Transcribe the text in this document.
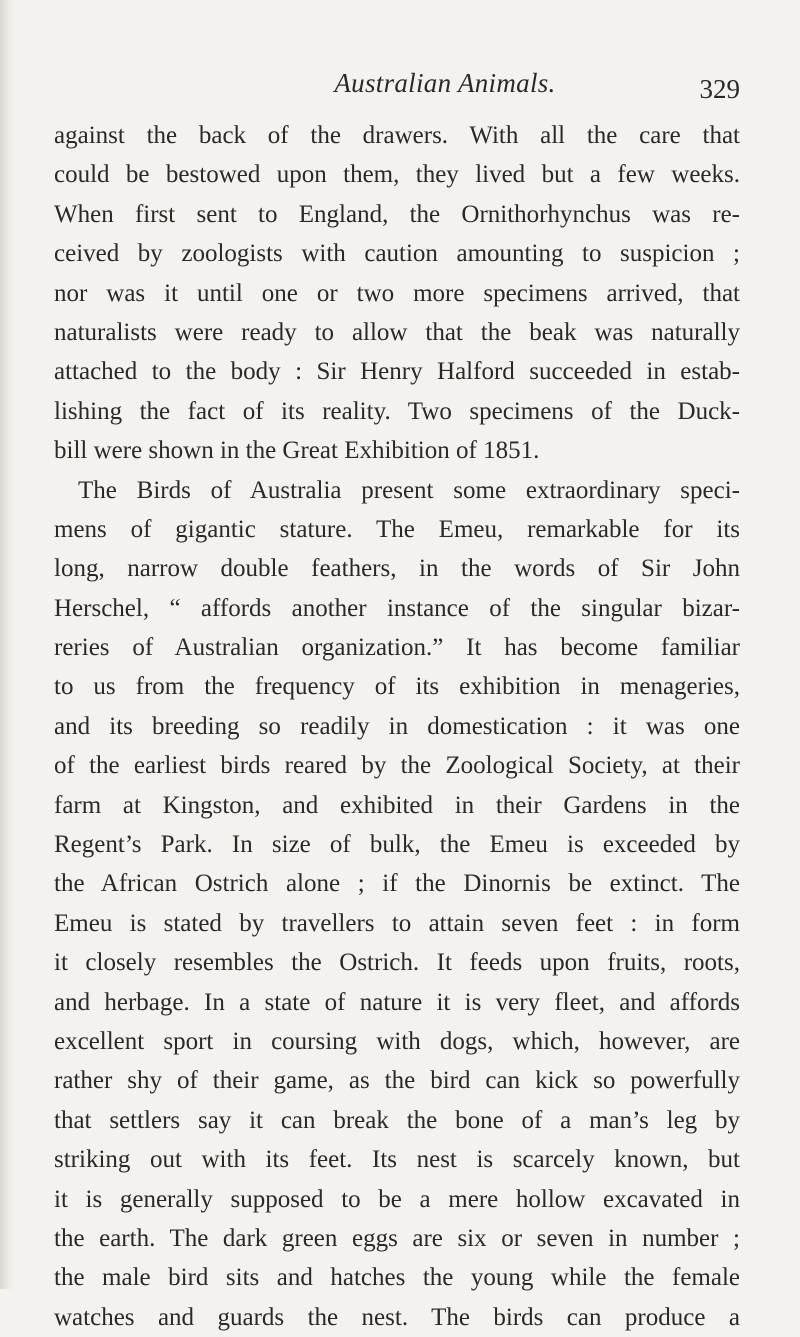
Australian Animals.	329
against the back of the drawers. With all the care that
could be bestowed upon them, they lived but a few weeks.
When first sent to England, the Ornithorhynchus was re-
ceived by zoologists with caution amounting to suspicion ;
nor was it until one or two more specimens arrived, that
naturalists were ready to allow that the beak was naturally
attached to the body : Sir Henry Halford succeeded in estab-
lishing the fact of its reality. Two specimens of the Duck-
bill were shown in the Great Exhibition of 1851.
The Birds of Australia present some extraordinary speci-
mens of gigantic stature. The Emeu, remarkable for its
long, narrow double feathers, in the words of Sir John
Herschel, “ affords another instance of the singular bizar-
reries of Australian organization.” It has become familiar
to us from the frequency of its exhibition in menageries,
and its breeding so readily in domestication : it was one
of the earliest birds reared by the Zoological Society, at their
farm at Kingston, and exhibited in their Gardens in the
Regent’s Park. In size of bulk, the Emeu is exceeded by
the African Ostrich alone ; if the Dinornis be extinct. The
Emeu is stated by travellers to attain seven feet : in form
it closely resembles the Ostrich. It feeds upon fruits, roots,
and herbage. In a state of nature it is very fleet, and affords
excellent sport in coursing with dogs, which, however, are
rather shy of their game, as the bird can kick so powerfully
that settlers say it can break the bone of a man’s leg by
striking out with its feet. Its nest is scarcely known, but
it is generally supposed to be a mere hollow excavated in
the earth. The dark green eggs are six or seven in number ;
the male bird sits and hatches the young while the female
watches and guards the nest. The birds can produce a
